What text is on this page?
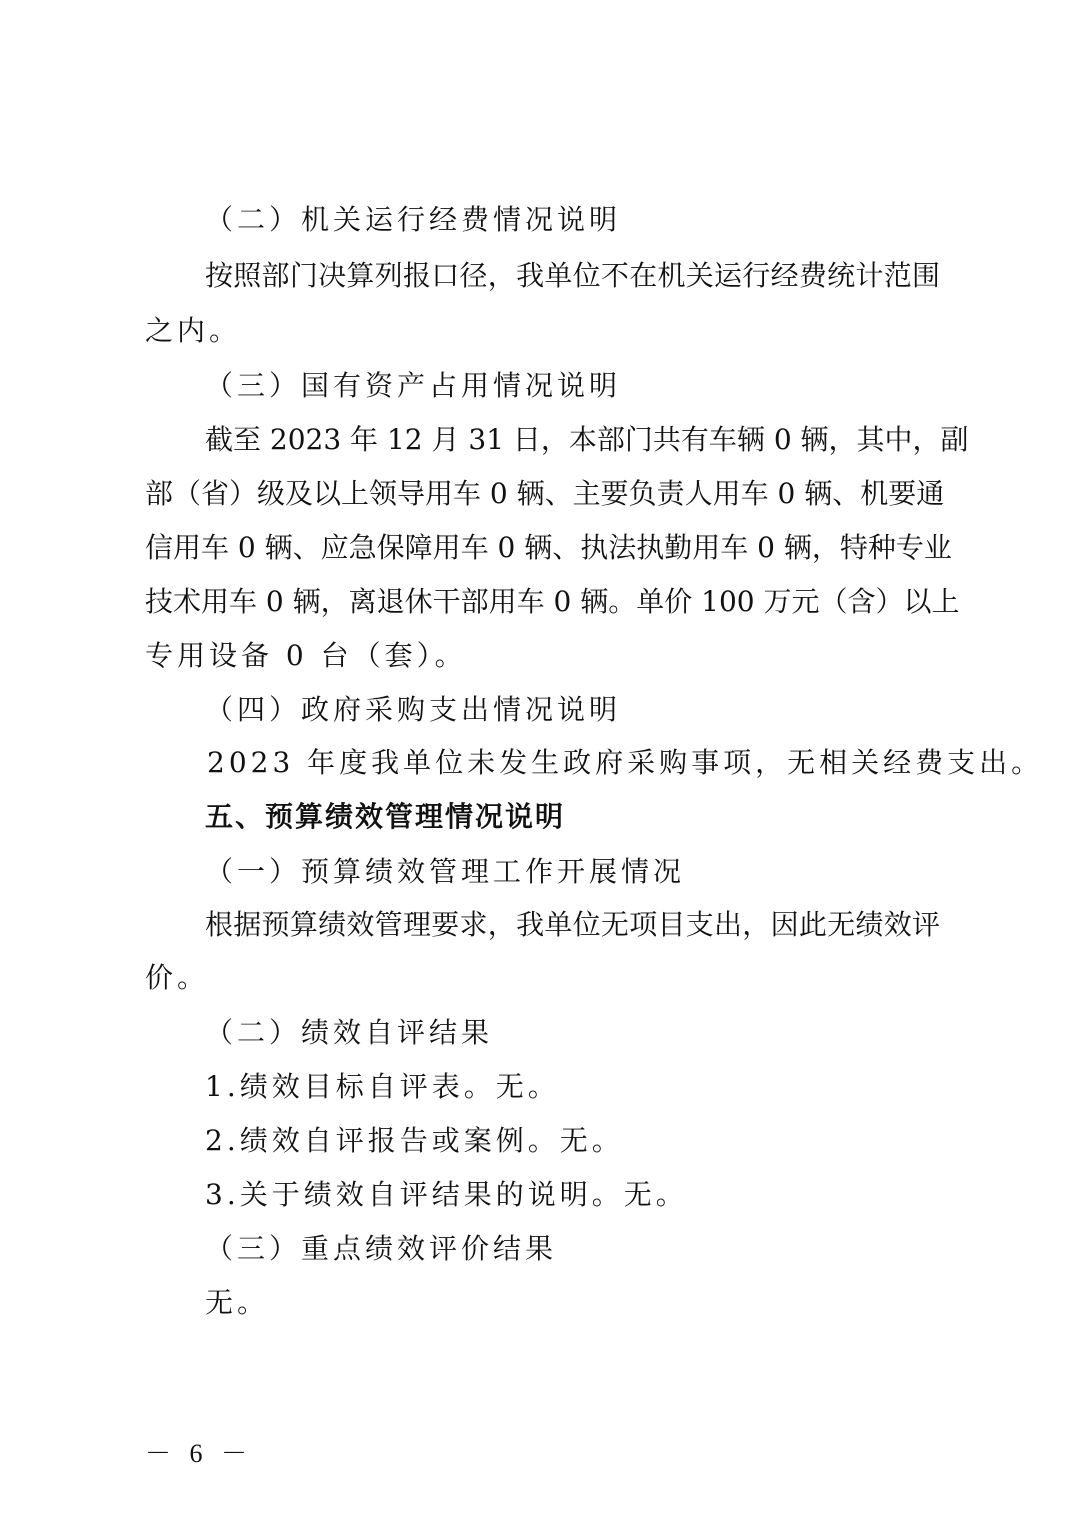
（二）机关运行经费情况说明
按照部门决算列报口径，我单位不在机关运行经费统计范围
之内。
（三）国有资产占用情况说明
截至 2023 年 12 月 31 日，本部门共有车辆 0 辆，其中，副
部（省）级及以上领导用车 0 辆、主要负责人用车 0 辆、机要通
信用车 0 辆、应急保障用车 0 辆、执法执勤用车 0 辆，特种专业
技术用车 0 辆，离退休干部用车 0 辆。单价 100 万元（含）以上
专用设备 0 台（套）。
（四）政府采购支出情况说明
2023 年度我单位未发生政府采购事项，无相关经费支出。
五、预算绩效管理情况说明
（一）预算绩效管理工作开展情况
根据预算绩效管理要求，我单位无项目支出，因此无绩效评
价。
（二）绩效自评结果
1.绩效目标自评表。无。
2.绩效自评报告或案例。无。
3.关于绩效自评结果的说明。无。
（三）重点绩效评价结果
无。
－ 6 －
